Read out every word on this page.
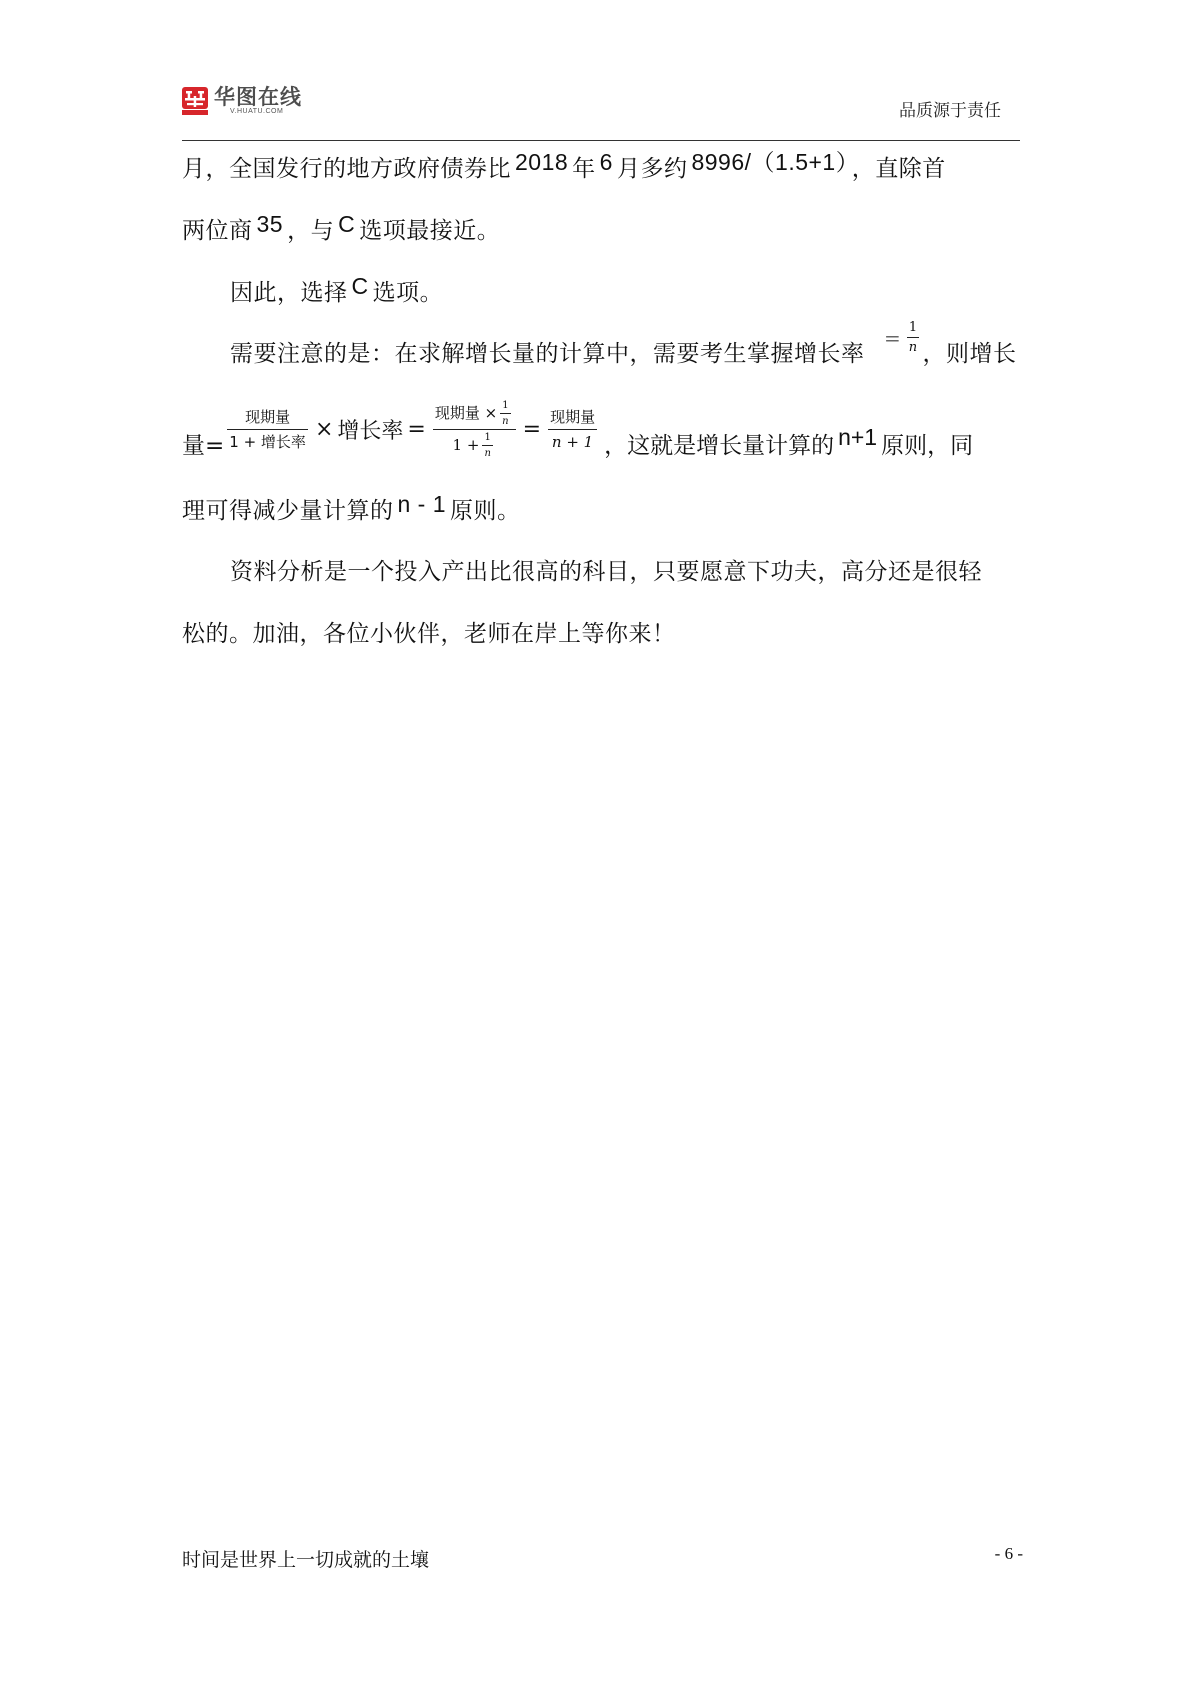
华图在线
V.HUATU.COM	品质源于责任
月，全国发行的地方政府债券比 2018 年 6 月多约 8996/（1.5+1） ，直除首
两位商 35 ，与 C 选项最接近。
因此，选择 C 选项。
需要注意的是：在求解增长量的计算中，需要考生掌握增长率	，则增长
= $\frac{1}{n}$
量= $\frac{\text{现期量}}{\text{1 + 增长率}}$ × 增长率 = $\frac{现期量 \times \frac{1}{n}}{1 + \frac{1}{n}} = \frac{\text{现期量}}{n + 1}$ ，这就是增长量计算的 n+1 原则，同
理可得减少量计算的 n - 1 原则。
资料分析是一个投入产出比很高的科目，只要愿意下功夫，高分还是很轻
松的。加油，各位小伙伴，老师在岸上等你来！
时间是世界上一切成就的土壤	- 6 -
